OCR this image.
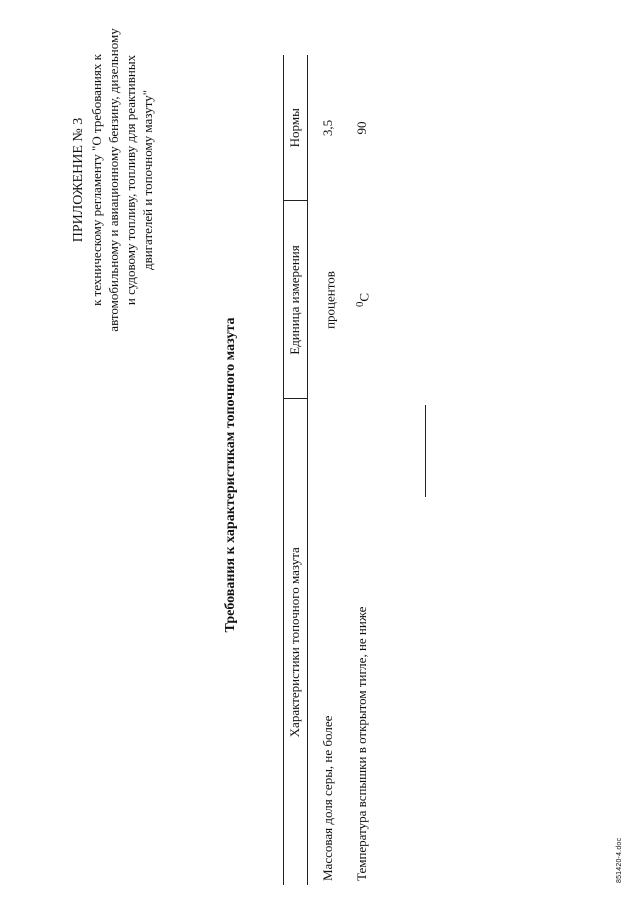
ПРИЛОЖЕНИЕ № 3 к техническому регламенту "О требованиях к автомобильному и авиационному бензину, дизельному и судовому топливу, топливу для реактивных двигателей и топочному мазуту"
Требования к характеристикам топочного мазута
Характеристики топочного мазута	Единица измерения	Нормы
Массовая доля серы, не более	процентов	3,5
Температура вспышки в открытом тигле, не ниже	$^0$C	90
851420-4.doc
